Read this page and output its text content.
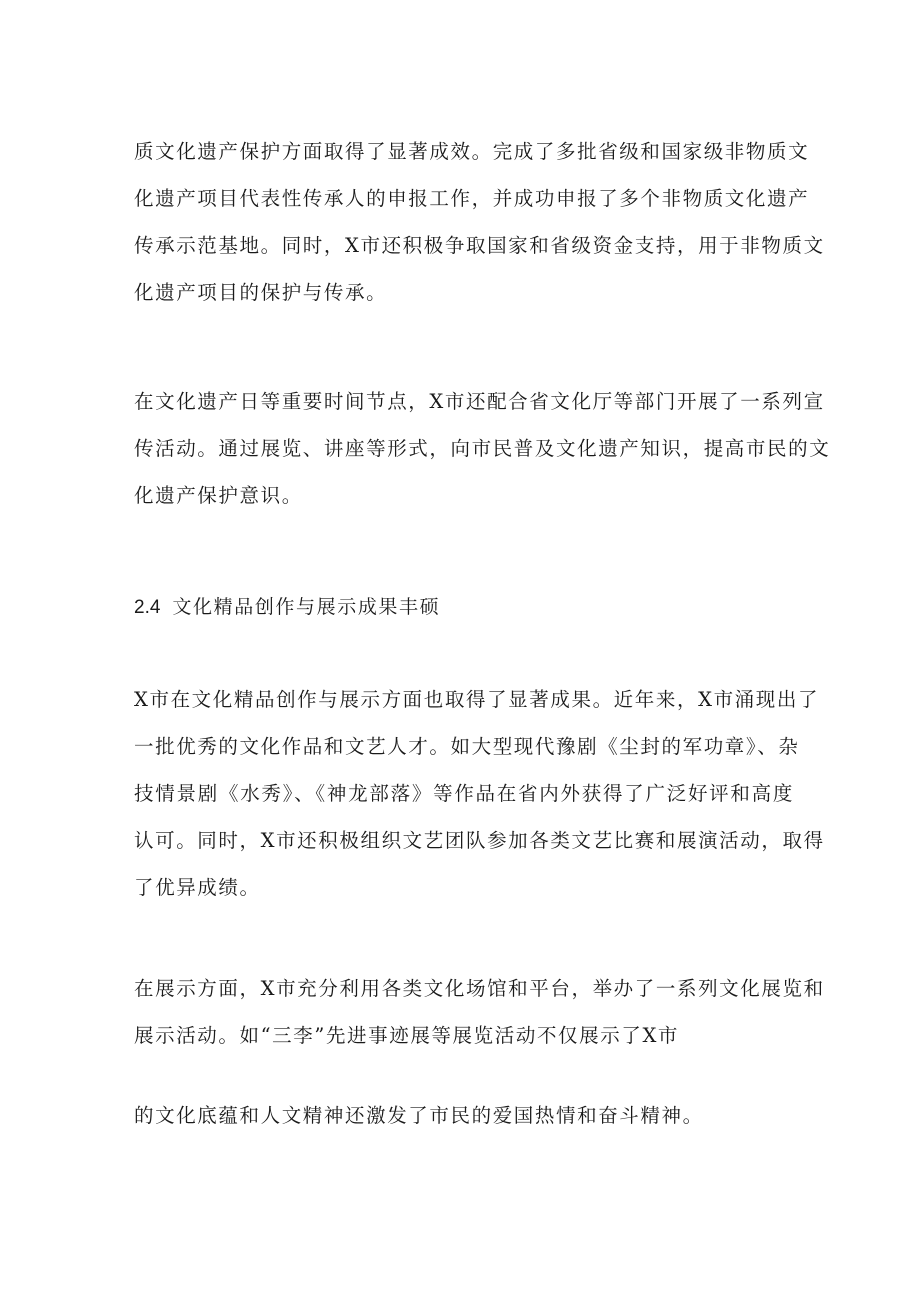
质文化遗产保护方面取得了显著成效。完成了多批省级和国家级非物质文
化遗产项目代表性传承人的申报工作，并成功申报了多个非物质文化遗产
传承示范基地。同时，X市还积极争取国家和省级资金支持，用于非物质文
化遗产项目的保护与传承。
在文化遗产日等重要时间节点，X市还配合省文化厅等部门开展了一系列宣
传活动。通过展览、讲座等形式，向市民普及文化遗产知识，提高市民的文
化遗产保护意识。
2.4 文化精品创作与展示成果丰硕
X市在文化精品创作与展示方面也取得了显著成果。近年来，X市涌现出了
一批优秀的文化作品和文艺人才。如大型现代豫剧《尘封的军功章》、杂
技情景剧《水秀》、《神龙部落》等作品在省内外获得了广泛好评和高度
认可。同时，X市还积极组织文艺团队参加各类文艺比赛和展演活动，取得
了优异成绩。
在展示方面，X市充分利用各类文化场馆和平台，举办了一系列文化展览和
展示活动。如“三李”先进事迹展等展览活动不仅展示了X市
的文化底蕴和人文精神还激发了市民的爱国热情和奋斗精神。
